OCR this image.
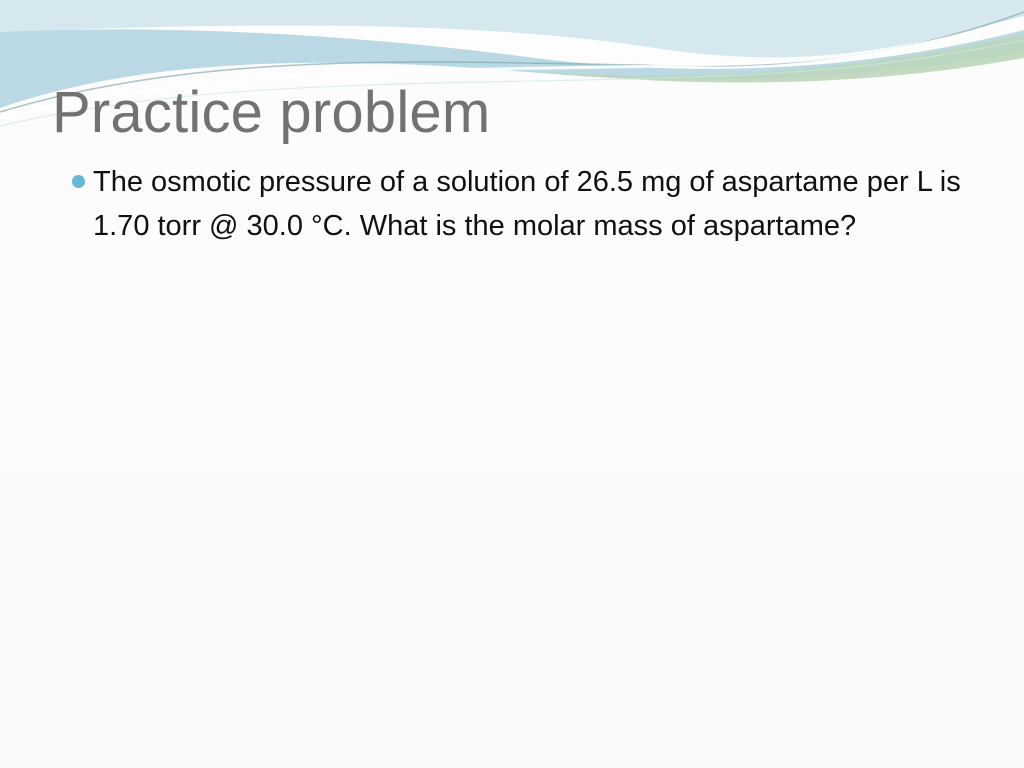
Practice problem

The osmotic pressure of a solution of 26.5 mg of aspartame per L is 1.70 torr @ 30.0 °C. What is the molar mass of aspartame?
